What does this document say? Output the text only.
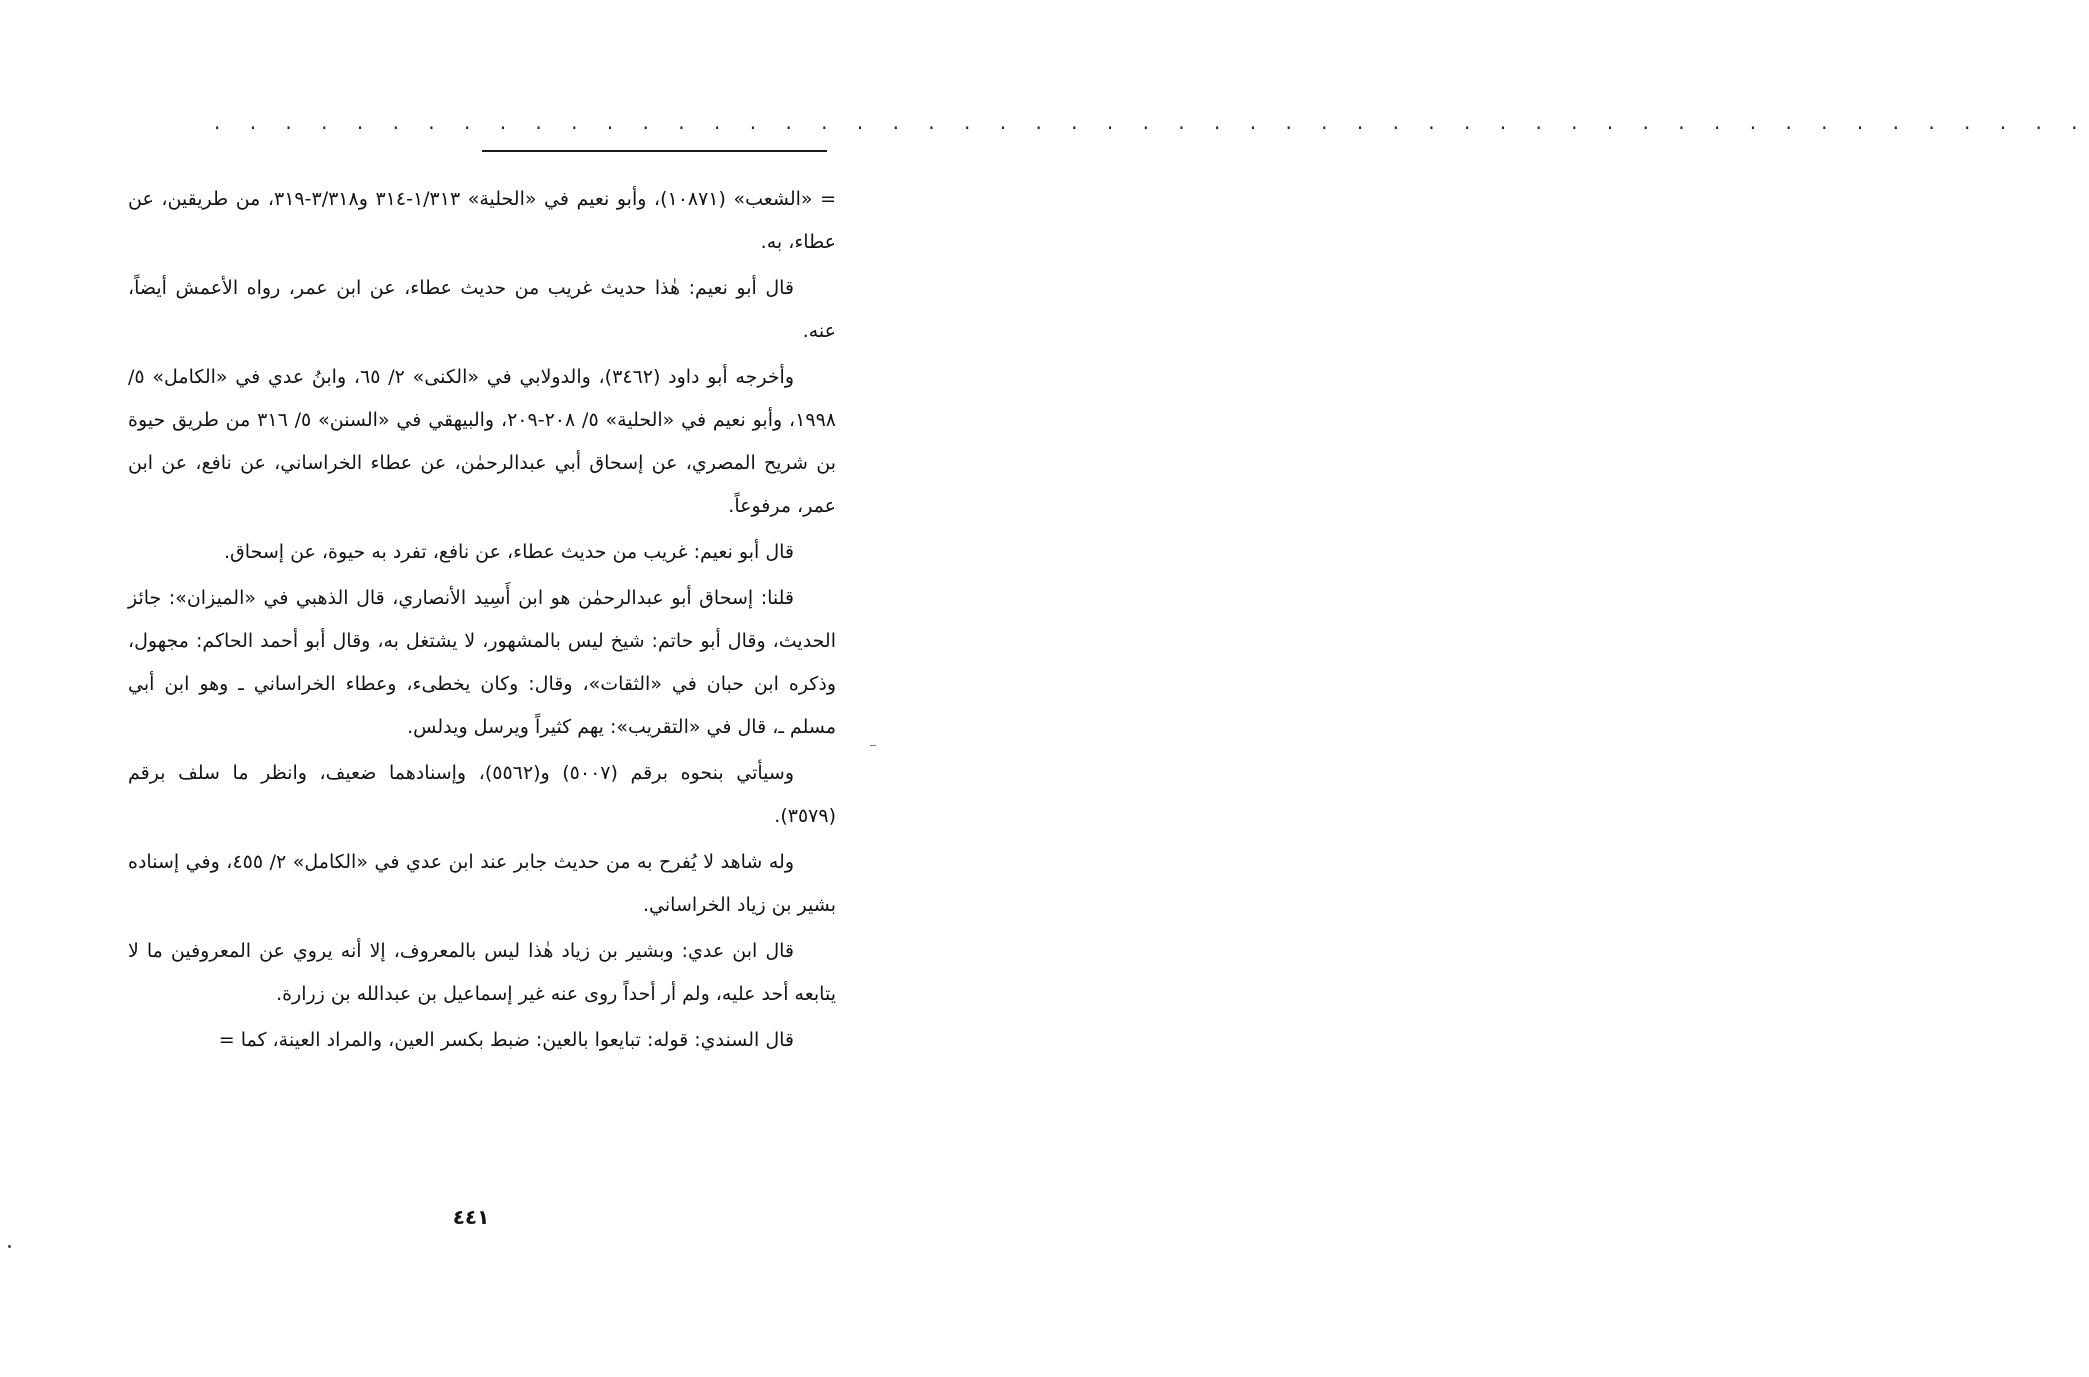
. . . . . . . . . . . . . . . . . . . . . . . . . . . . . . . . . . . . . . . . . . . . . . . . . . . . .

= «الشعب» (١٠٨٧١)، وأبو نعيم في «الحلية» ١/٣١٣-٣١٤ و٣/٣١٨-٣١٩، من طريقين، عن عطاء، به.

قال أبو نعيم: هٰذا حديث غريب من حديث عطاء، عن ابن عمر، رواه الأعمش أيضاً، عنه.

وأخرجه أبو داود (٣٤٦٢)، والدولابي في «الكنى» ٢/ ٦٥، وابنُ عدي في «الكامل» ٥/ ١٩٩٨، وأبو نعيم في «الحلية» ٥/ ٢٠٨-٢٠٩، والبيهقي في «السنن» ٥/ ٣١٦ من طريق حيوة بن شريح المصري، عن إسحاق أبي عبدالرحمٰن، عن عطاء الخراساني، عن نافع، عن ابن عمر، مرفوعاً.

قال أبو نعيم: غريب من حديث عطاء، عن نافع، تفرد به حيوة، عن إسحاق.

قلنا: إسحاق أبو عبدالرحمٰن هو ابن أَسِيد الأنصاري، قال الذهبي في «الميزان»: جائز الحديث، وقال أبو حاتم: شيخ ليس بالمشهور، لا يشتغل به، وقال أبو أحمد الحاكم: مجهول، وذكره ابن حبان في «الثقات»، وقال: وكان يخطىء، وعطاء الخراساني ـ وهو ابن أبي مسلم ـ، قال في «التقريب»: يهم كثيراً ويرسل ويدلس.

وسيأتي بنحوه برقم (٥٠٠٧) و(٥٥٦٢)، وإسنادهما ضعيف، وانظر ما سلف برقم (٣٥٧٩).

وله شاهد لا يُفرح به من حديث جابر عند ابن عدي في «الكامل» ٢/ ٤٥٥، وفي إسناده بشير بن زياد الخراساني.

قال ابن عدي: وبشير بن زياد هٰذا ليس بالمعروف، إلا أنه يروي عن المعروفين ما لا يتابعه أحد عليه، ولم أر أحداً روى عنه غير إسماعيل بن عبدالله بن زرارة.

قال السندي: قوله: تبايعوا بالعين: ضبط بكسر العين، والمراد العينة، كما =

٤٤١
